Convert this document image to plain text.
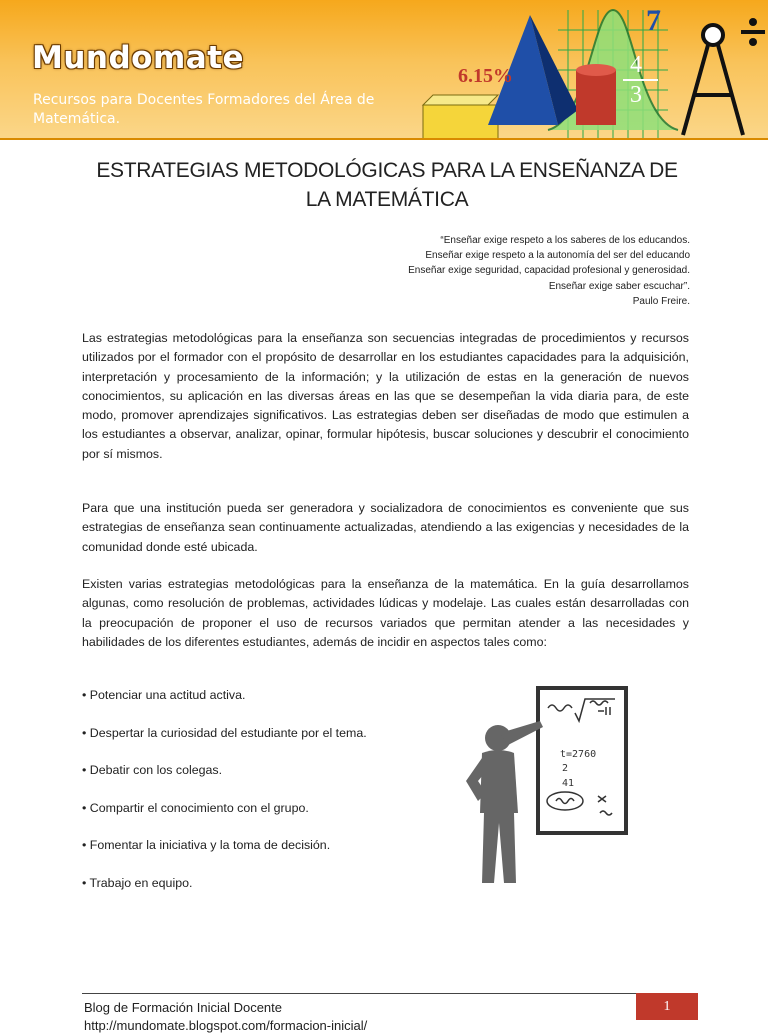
Mundomate
Recursos para Docentes Formadores del Área de Matemática.
6.15%
7
4
3
ESTRATEGIAS METODOLÓGICAS PARA LA ENSEÑANZA DE LA MATEMÁTICA
“Enseñar exige respeto a los saberes de los educandos.
Enseñar exige respeto a la autonomía del ser del educando
Enseñar exige seguridad, capacidad profesional y generosidad.
Enseñar exige saber escuchar”.
Paulo Freire.
Las estrategias metodológicas para la enseñanza son secuencias integradas de procedimientos y recursos utilizados por el formador con el propósito de desarrollar en los estudiantes capacidades para la adquisición, interpretación y procesamiento de la información; y la utilización de estas en la generación de nuevos conocimientos, su aplicación en las diversas áreas en las que se desempeñan la vida diaria para, de este modo, promover aprendizajes significativos. Las estrategias deben ser diseñadas de modo que estimulen a los estudiantes a observar, analizar, opinar, formular hipótesis, buscar soluciones y descubrir el conocimiento por sí mismos.
Para que una institución pueda ser generadora y socializadora de conocimientos es conveniente que sus estrategias de enseñanza sean continuamente actualizadas, atendiendo a las exigencias y necesidades de la comunidad donde esté ubicada.
Existen varias estrategias metodológicas para la enseñanza de la matemática. En la guía desarrollamos algunas, como resolución de problemas, actividades lúdicas y modelaje. Las cuales están desarrolladas con la preocupación de proponer el uso de recursos variados que permitan atender a las necesidades y habilidades de los diferentes estudiantes, además de incidir en aspectos tales como:
• Potenciar una actitud activa.
• Despertar la curiosidad del estudiante por el tema.
• Debatir con los colegas.
• Compartir el conocimiento con el grupo.
• Fomentar la iniciativa y la toma de decisión.
• Trabajo en equipo.
t=2760
2
41
Blog de Formación Inicial Docente
http://mundomate.blogspot.com/formacion-inicial/
1
